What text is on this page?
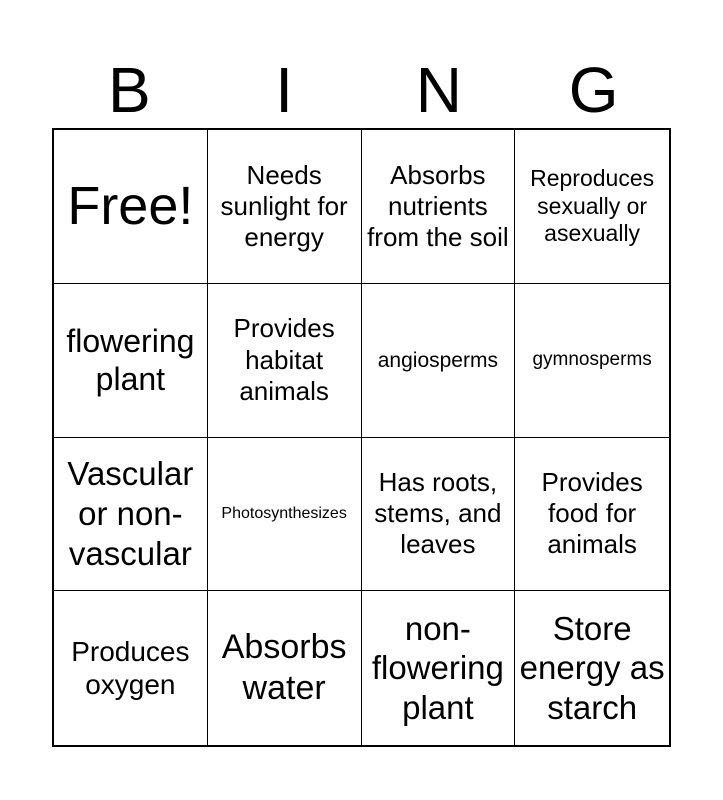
B	I	N	G
Free!
Needs sunlight for energy
Absorbs nutrients from the soil
Reproduces sexually or asexually
flowering plant
Provides habitat animals
angiosperms	gymnosperms
Vascular or non-vascular
Photosynthesizes
Has roots, stems, and leaves
Provides food for animals
Produces oxygen
Absorbs water
non-flowering plant
Store energy as starch
